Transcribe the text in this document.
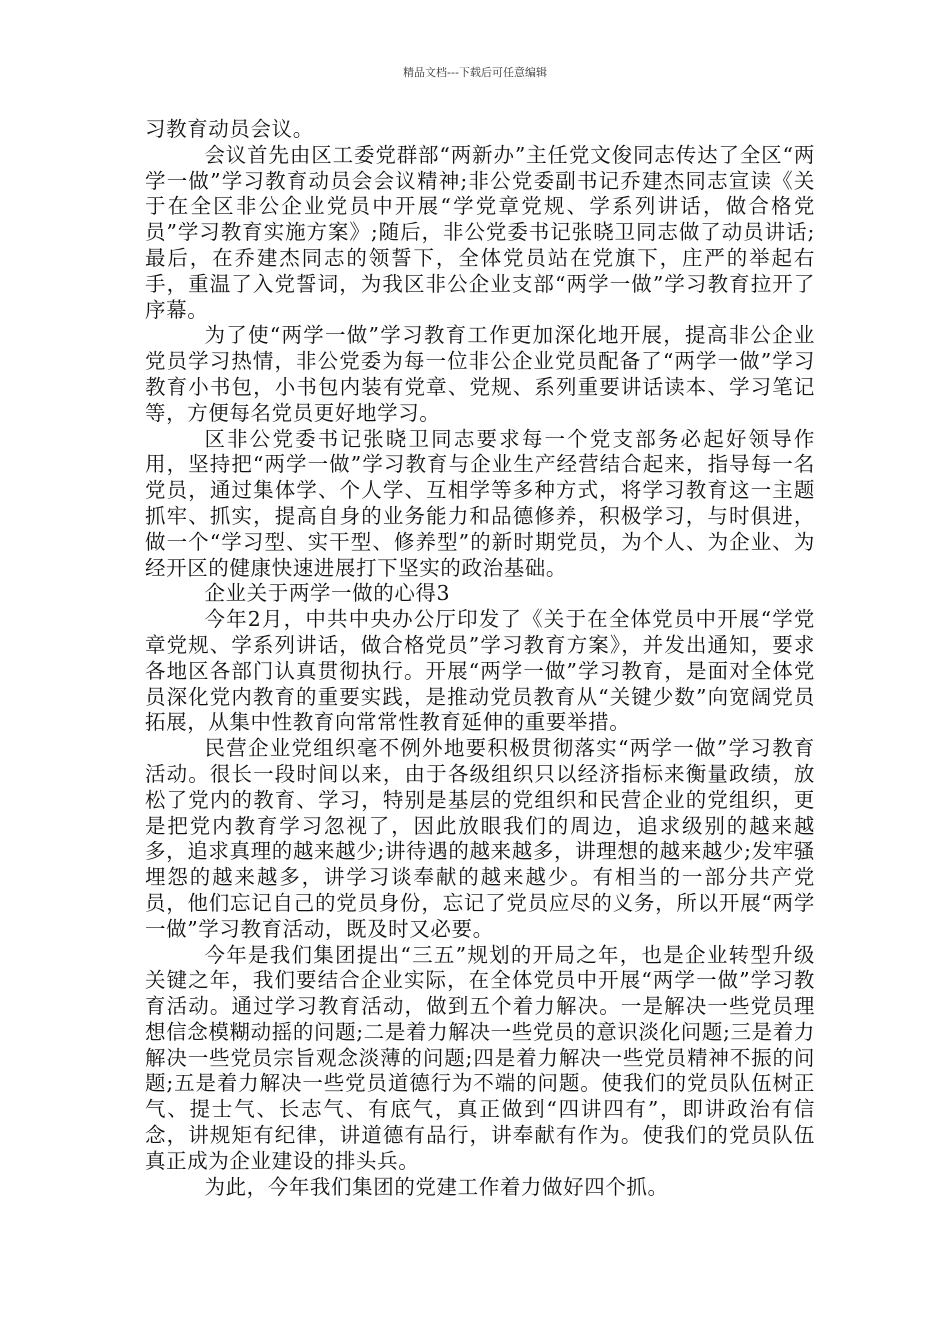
精品文档---下载后可任意编辑

习教育动员会议。

会议首先由区工委党群部“两新办”主任党文俊同志传达了全区“两学一做”学习教育动员会会议精神;非公党委副书记乔建杰同志宣读《关于在全区非公企业党员中开展“学党章党规、学系列讲话，做合格党员”学习教育实施方案》;随后，非公党委书记张晓卫同志做了动员讲话;最后，在乔建杰同志的领誓下，全体党员站在党旗下，庄严的举起右手，重温了入党誓词，为我区非公企业支部“两学一做”学习教育拉开了序幕。

为了使“两学一做”学习教育工作更加深化地开展，提高非公企业党员学习热情，非公党委为每一位非公企业党员配备了“两学一做”学习教育小书包，小书包内装有党章、党规、系列重要讲话读本、学习笔记等，方便每名党员更好地学习。

区非公党委书记张晓卫同志要求每一个党支部务必起好领导作用，坚持把“两学一做”学习教育与企业生产经营结合起来，指导每一名党员，通过集体学、个人学、互相学等多种方式，将学习教育这一主题抓牢、抓实，提高自身的业务能力和品德修养，积极学习，与时俱进，做一个“学习型、实干型、修养型”的新时期党员，为个人、为企业、为经开区的健康快速进展打下坚实的政治基础。

企业关于两学一做的心得3

今年2月，中共中央办公厅印发了《关于在全体党员中开展“学党章党规、学系列讲话，做合格党员”学习教育方案》，并发出通知，要求各地区各部门认真贯彻执行。开展“两学一做”学习教育，是面对全体党员深化党内教育的重要实践，是推动党员教育从“关键少数”向宽阔党员拓展，从集中性教育向常常性教育延伸的重要举措。

民营企业党组织毫不例外地要积极贯彻落实“两学一做”学习教育活动。很长一段时间以来，由于各级组织只以经济指标来衡量政绩，放松了党内的教育、学习，特别是基层的党组织和民营企业的党组织，更是把党内教育学习忽视了，因此放眼我们的周边，追求级别的越来越多，追求真理的越来越少;讲待遇的越来越多，讲理想的越来越少;发牢骚埋怨的越来越多，讲学习谈奉献的越来越少。有相当的一部分共产党员，他们忘记自己的党员身份，忘记了党员应尽的义务，所以开展“两学一做”学习教育活动，既及时又必要。

今年是我们集团提出“三五”规划的开局之年，也是企业转型升级关键之年，我们要结合企业实际，在全体党员中开展“两学一做”学习教育活动。通过学习教育活动，做到五个着力解决。一是解决一些党员理想信念模糊动摇的问题;二是着力解决一些党员的意识淡化问题;三是着力解决一些党员宗旨观念淡薄的问题;四是着力解决一些党员精神不振的问题;五是着力解决一些党员道德行为不端的问题。使我们的党员队伍树正气、提士气、长志气、有底气，真正做到“四讲四有”，即讲政治有信念，讲规矩有纪律，讲道德有品行，讲奉献有作为。使我们的党员队伍真正成为企业建设的排头兵。

为此，今年我们集团的党建工作着力做好四个抓。
